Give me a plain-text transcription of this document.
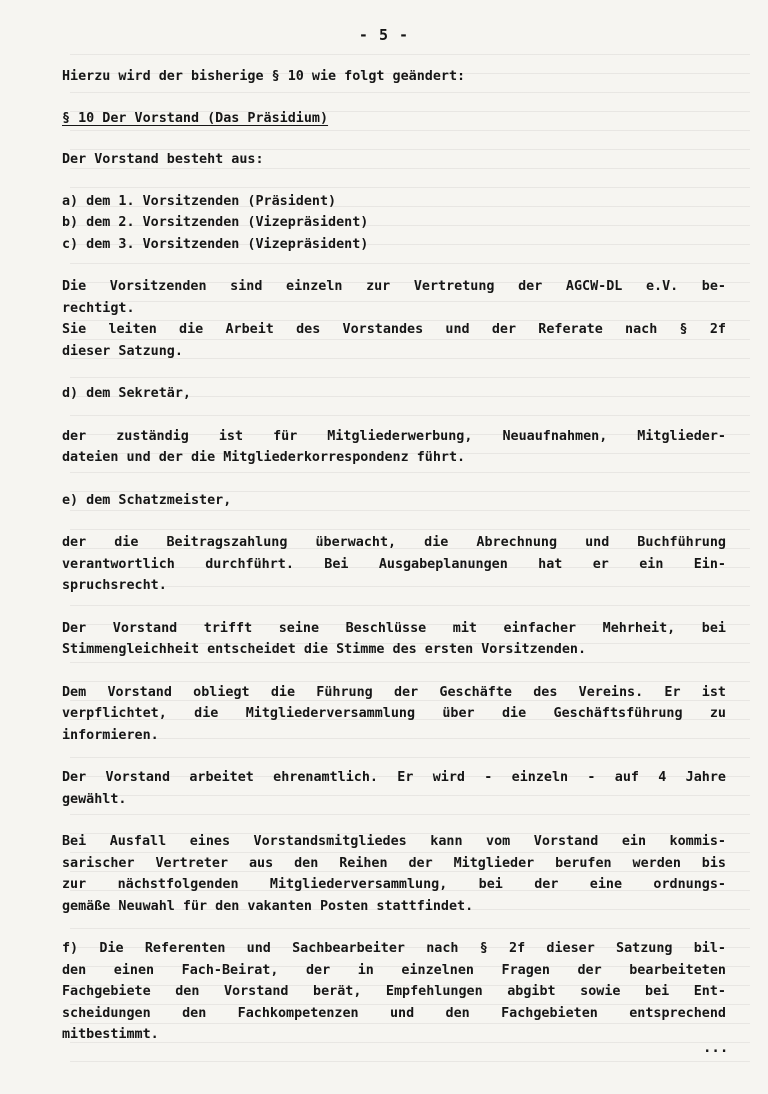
- 5 -

Hierzu wird der bisherige § 10 wie folgt geändert:

§ 10 Der Vorstand (Das Präsidium)

Der Vorstand besteht aus:

a) dem 1. Vorsitzenden (Präsident)

b) dem 2. Vorsitzenden (Vizepräsident)

c) dem 3. Vorsitzenden (Vizepräsident)

Die Vorsitzenden sind einzeln zur Vertretung der AGCW-DL e.V. be-

rechtigt.

Sie leiten die Arbeit des Vorstandes und der Referate nach § 2f

dieser Satzung.

d) dem Sekretär,

der zuständig ist für Mitgliederwerbung, Neuaufnahmen, Mitglieder-

dateien und der die Mitgliederkorrespondenz führt.

e) dem Schatzmeister,

der die Beitragszahlung überwacht, die Abrechnung und Buchführung

verantwortlich durchführt. Bei Ausgabeplanungen hat er ein Ein-

spruchsrecht.

Der Vorstand trifft seine Beschlüsse mit einfacher Mehrheit, bei

Stimmengleichheit entscheidet die Stimme des ersten Vorsitzenden.

Dem Vorstand obliegt die Führung der Geschäfte des Vereins. Er ist

verpflichtet, die Mitgliederversammlung über die Geschäftsführung zu

informieren.

Der Vorstand arbeitet ehrenamtlich. Er wird - einzeln - auf 4 Jahre

gewählt.

Bei Ausfall eines Vorstandsmitgliedes kann vom Vorstand ein kommis-

sarischer Vertreter aus den Reihen der Mitglieder berufen werden bis

zur nächstfolgenden Mitgliederversammlung, bei der eine ordnungs-

gemäße Neuwahl für den vakanten Posten stattfindet.

f) Die Referenten und Sachbearbeiter nach § 2f dieser Satzung bil-

den einen Fach-Beirat, der in einzelnen Fragen der bearbeiteten

Fachgebiete den Vorstand berät, Empfehlungen abgibt sowie bei Ent-

scheidungen den Fachkompetenzen und den Fachgebieten entsprechend

mitbestimmt.

...
